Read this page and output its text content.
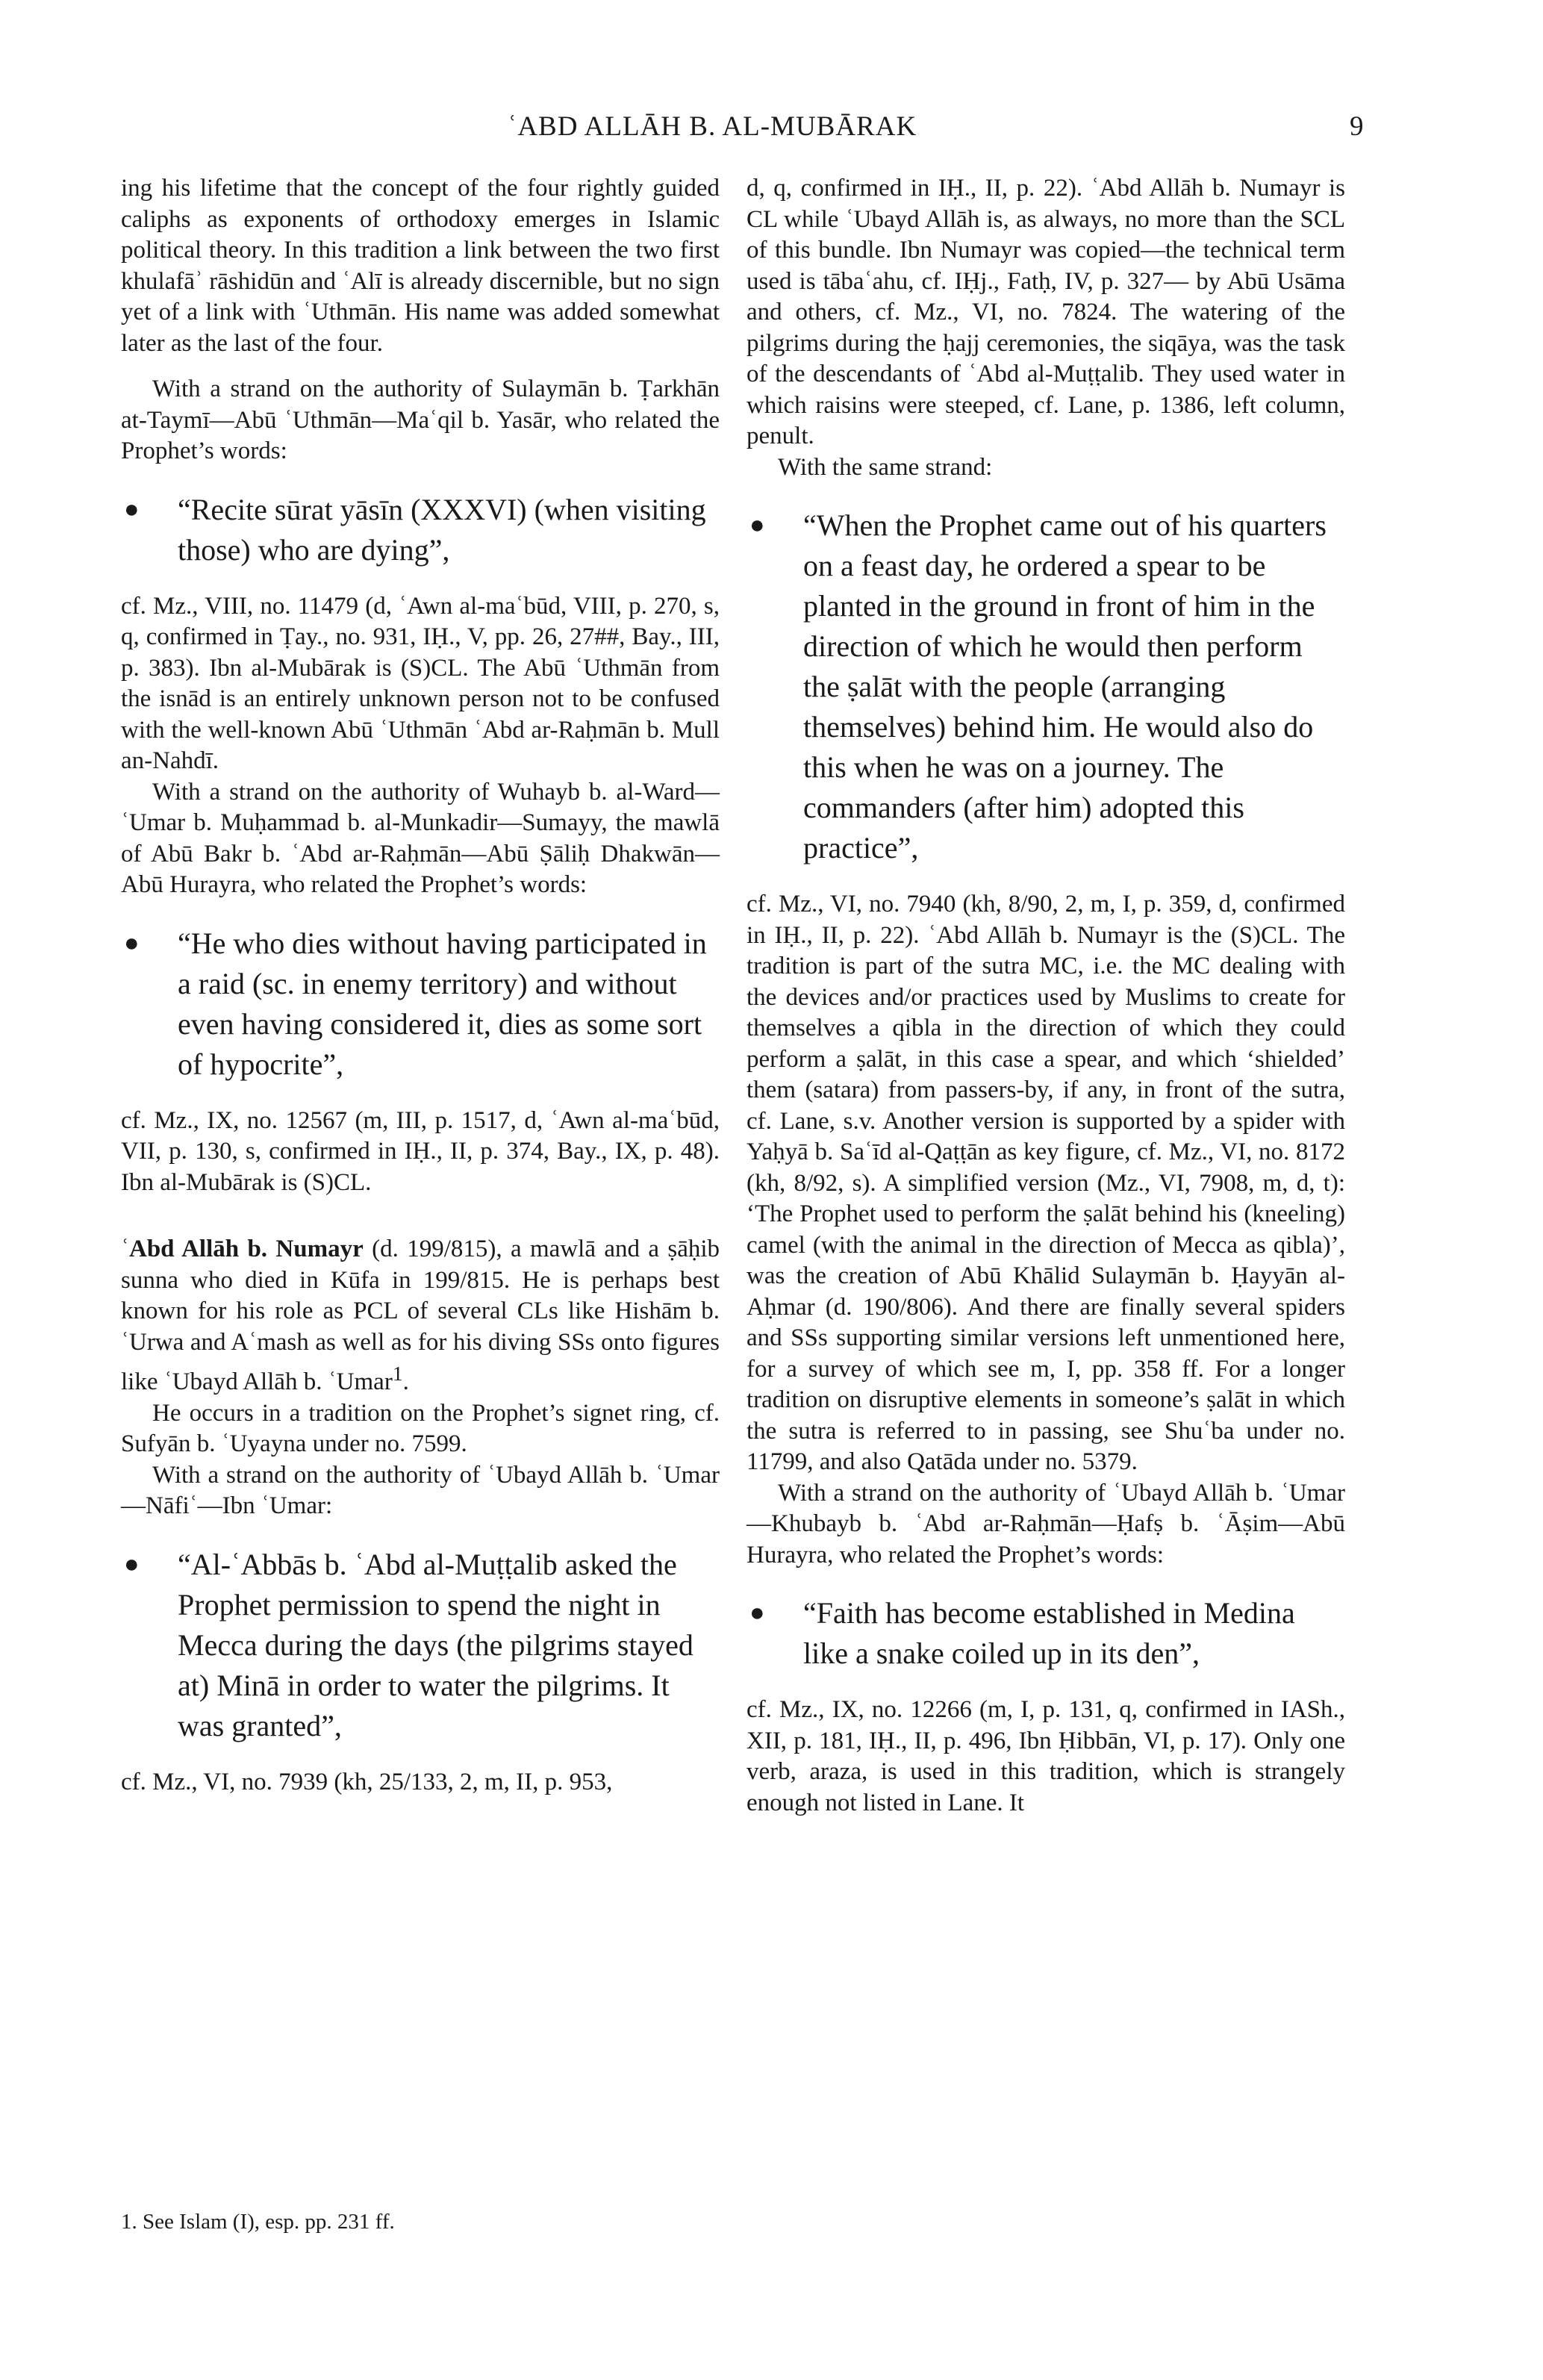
ʿABD ALLĀH B. AL-MUBĀRAK	9

ing his lifetime that the concept of the four rightly guided caliphs as exponents of orthodoxy emerges in Islamic political theory. In this tradition a link between the two first khulafāʾ rāshidūn and ʿAlī is already discernible, but no sign yet of a link with ʿUthmān. His name was added somewhat later as the last of the four.

With a strand on the authority of Sulaymān b. Ṭarkhān at-Taymī—Abū ʿUthmān—Maʿqil b. Yasār, who related the Prophet’s words:

● “Recite sūrat yāsīn (XXXVI) (when visiting those) who are dying”,

cf. Mz., VIII, no. 11479 (d, ʿAwn al-maʿbūd, VIII, p. 270, s, q, confirmed in Ṭay., no. 931, IḤ., V, pp. 26, 27##, Bay., III, p. 383). Ibn al-Mubārak is (S)CL. The Abū ʿUthmān from the isnād is an entirely unknown person not to be confused with the well-known Abū ʿUthmān ʿAbd ar-Raḥmān b. Mull an-Nahdī.

With a strand on the authority of Wuhayb b. al-Ward—ʿUmar b. Muḥammad b. al-Munkadir—Sumayy, the mawlā of Abū Bakr b. ʿAbd ar-Raḥmān—Abū Ṣāliḥ Dhakwān—Abū Hurayra, who related the Prophet’s words:

● “He who dies without having participated in a raid (sc. in enemy territory) and without even having considered it, dies as some sort of hypocrite”,

cf. Mz., IX, no. 12567 (m, III, p. 1517, d, ʿAwn al-maʿbūd, VII, p. 130, s, confirmed in IḤ., II, p. 374, Bay., IX, p. 48). Ibn al-Mubārak is (S)CL.

ʿAbd Allāh b. Numayr (d. 199/815), a mawlā and a ṣāḥib sunna who died in Kūfa in 199/815. He is perhaps best known for his role as PCL of several CLs like Hishām b. ʿUrwa and Aʿmash as well as for his diving SSs onto figures like ʿUbayd Allāh b. ʿUmar$^1$.

He occurs in a tradition on the Prophet’s signet ring, cf. Sufyān b. ʿUyayna under no. 7599.

With a strand on the authority of ʿUbayd Allāh b. ʿUmar—Nāfiʿ—Ibn ʿUmar:

● “Al-ʿAbbās b. ʿAbd al-Muṭṭalib asked the Prophet permission to spend the night in Mecca during the days (the pilgrims stayed at) Minā in order to water the pilgrims. It was granted”,

cf. Mz., VI, no. 7939 (kh, 25/133, 2, m, II, p. 953,

d, q, confirmed in IḤ., II, p. 22). ʿAbd Allāh b. Numayr is CL while ʿUbayd Allāh is, as always, no more than the SCL of this bundle. Ibn Numayr was copied—the technical term used is tābaʿahu, cf. IḤj., Fatḥ, IV, p. 327— by Abū Usāma and others, cf. Mz., VI, no. 7824. The watering of the pilgrims during the ḥajj ceremonies, the siqāya, was the task of the descendants of ʿAbd al-Muṭṭalib. They used water in which raisins were steeped, cf. Lane, p. 1386, left column, penult.

With the same strand:

● “When the Prophet came out of his quarters on a feast day, he ordered a spear to be planted in the ground in front of him in the direction of which he would then perform the ṣalāt with the people (arranging themselves) behind him. He would also do this when he was on a journey. The commanders (after him) adopted this practice”,

cf. Mz., VI, no. 7940 (kh, 8/90, 2, m, I, p. 359, d, confirmed in IḤ., II, p. 22). ʿAbd Allāh b. Numayr is the (S)CL. The tradition is part of the sutra MC, i.e. the MC dealing with the devices and/or practices used by Muslims to create for themselves a qibla in the direction of which they could perform a ṣalāt, in this case a spear, and which ‘shielded’ them (satara) from passers-by, if any, in front of the sutra, cf. Lane, s.v. Another version is supported by a spider with Yaḥyā b. Saʿīd al-Qaṭṭān as key figure, cf. Mz., VI, no. 8172 (kh, 8/92, s). A simplified version (Mz., VI, 7908, m, d, t): ‘The Prophet used to perform the ṣalāt behind his (kneeling) camel (with the animal in the direction of Mecca as qibla)’, was the creation of Abū Khālid Sulaymān b. Ḥayyān al-Aḥmar (d. 190/806). And there are finally several spiders and SSs supporting similar versions left unmentioned here, for a survey of which see m, I, pp. 358 ff. For a longer tradition on disruptive elements in someone’s ṣalāt in which the sutra is referred to in passing, see Shuʿba under no. 11799, and also Qatāda under no. 5379.

With a strand on the authority of ʿUbayd Allāh b. ʿUmar—Khubayb b. ʿAbd ar-Raḥmān—Ḥafṣ b. ʿĀṣim—Abū Hurayra, who related the Prophet’s words:

● “Faith has become established in Medina like a snake coiled up in its den”,

cf. Mz., IX, no. 12266 (m, I, p. 131, q, confirmed in IASh., XII, p. 181, IḤ., II, p. 496, Ibn Ḥibbān, VI, p. 17). Only one verb, araza, is used in this tradition, which is strangely enough not listed in Lane. It

1. See Islam (I), esp. pp. 231 ff.
